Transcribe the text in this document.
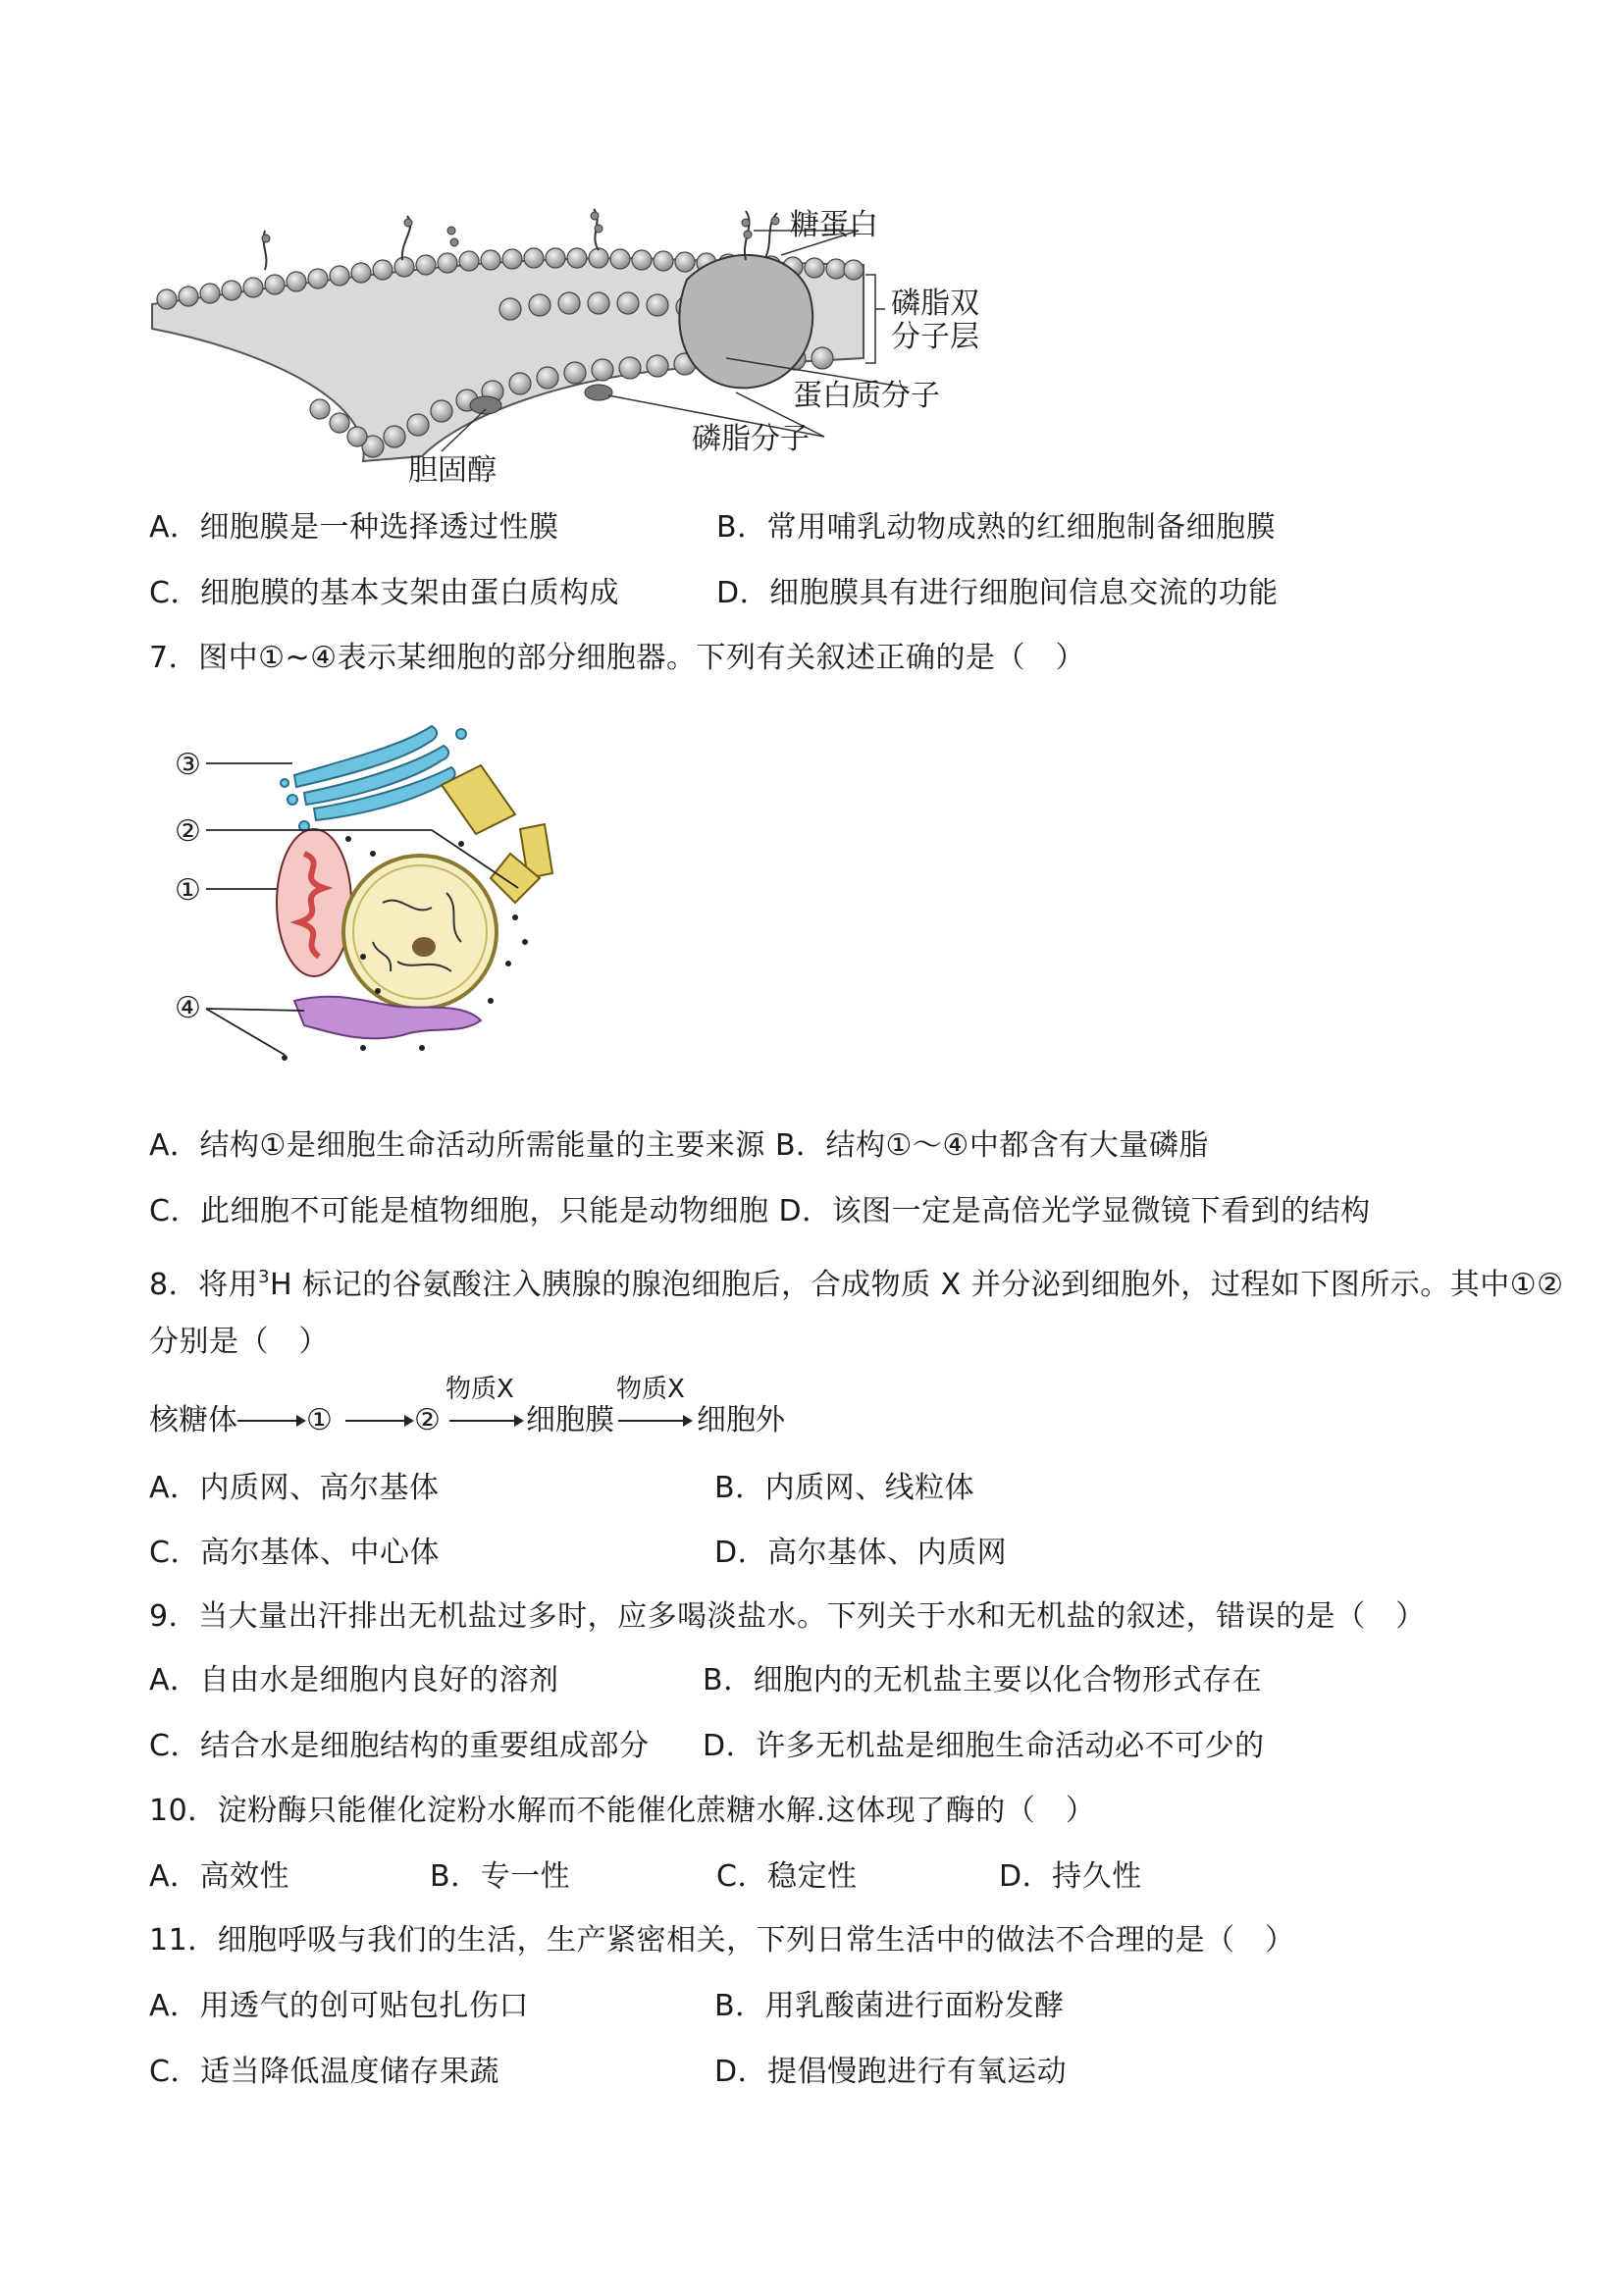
糖蛋白
磷脂双
分子层
蛋白质分子
磷脂分子
胆固醇
A．细胞膜是一种选择透过性膜	B．常用哺乳动物成熟的红细胞制备细胞膜
C．细胞膜的基本支架由蛋白质构成	D．细胞膜具有进行细胞间信息交流的功能
7．图中①~④表示某细胞的部分细胞器。下列有关叙述正确的是（　）
③
②
①
④
A．结构①是细胞生命活动所需能量的主要来源 B．结构①～④中都含有大量磷脂
C．此细胞不可能是植物细胞，只能是动物细胞 D．该图一定是高倍光学显微镜下看到的结构
8．将用$^3$H 标记的谷氨酸注入胰腺的腺泡细胞后，合成物质 X 并分泌到细胞外，过程如下图所示。其中①②
分别是（　）
核糖体 ①	②
物质X
细胞膜
物质X
细胞外
A．内质网、高尔基体	B．内质网、线粒体
C．高尔基体、中心体	D．高尔基体、内质网
9．当大量出汗排出无机盐过多时，应多喝淡盐水。下列关于水和无机盐的叙述，错误的是（　）
A．自由水是细胞内良好的溶剂	B．细胞内的无机盐主要以化合物形式存在
C．结合水是细胞结构的重要组成部分 D．许多无机盐是细胞生命活动必不可少的
10．淀粉酶只能催化淀粉水解而不能催化蔗糖水解.这体现了酶的（　）
A．高效性	B．专一性	C．稳定性	D．持久性
11．细胞呼吸与我们的生活，生产紧密相关，下列日常生活中的做法不合理的是（　）
A．用透气的创可贴包扎伤口	B．用乳酸菌进行面粉发酵
C．适当降低温度储存果蔬	D．提倡慢跑进行有氧运动
